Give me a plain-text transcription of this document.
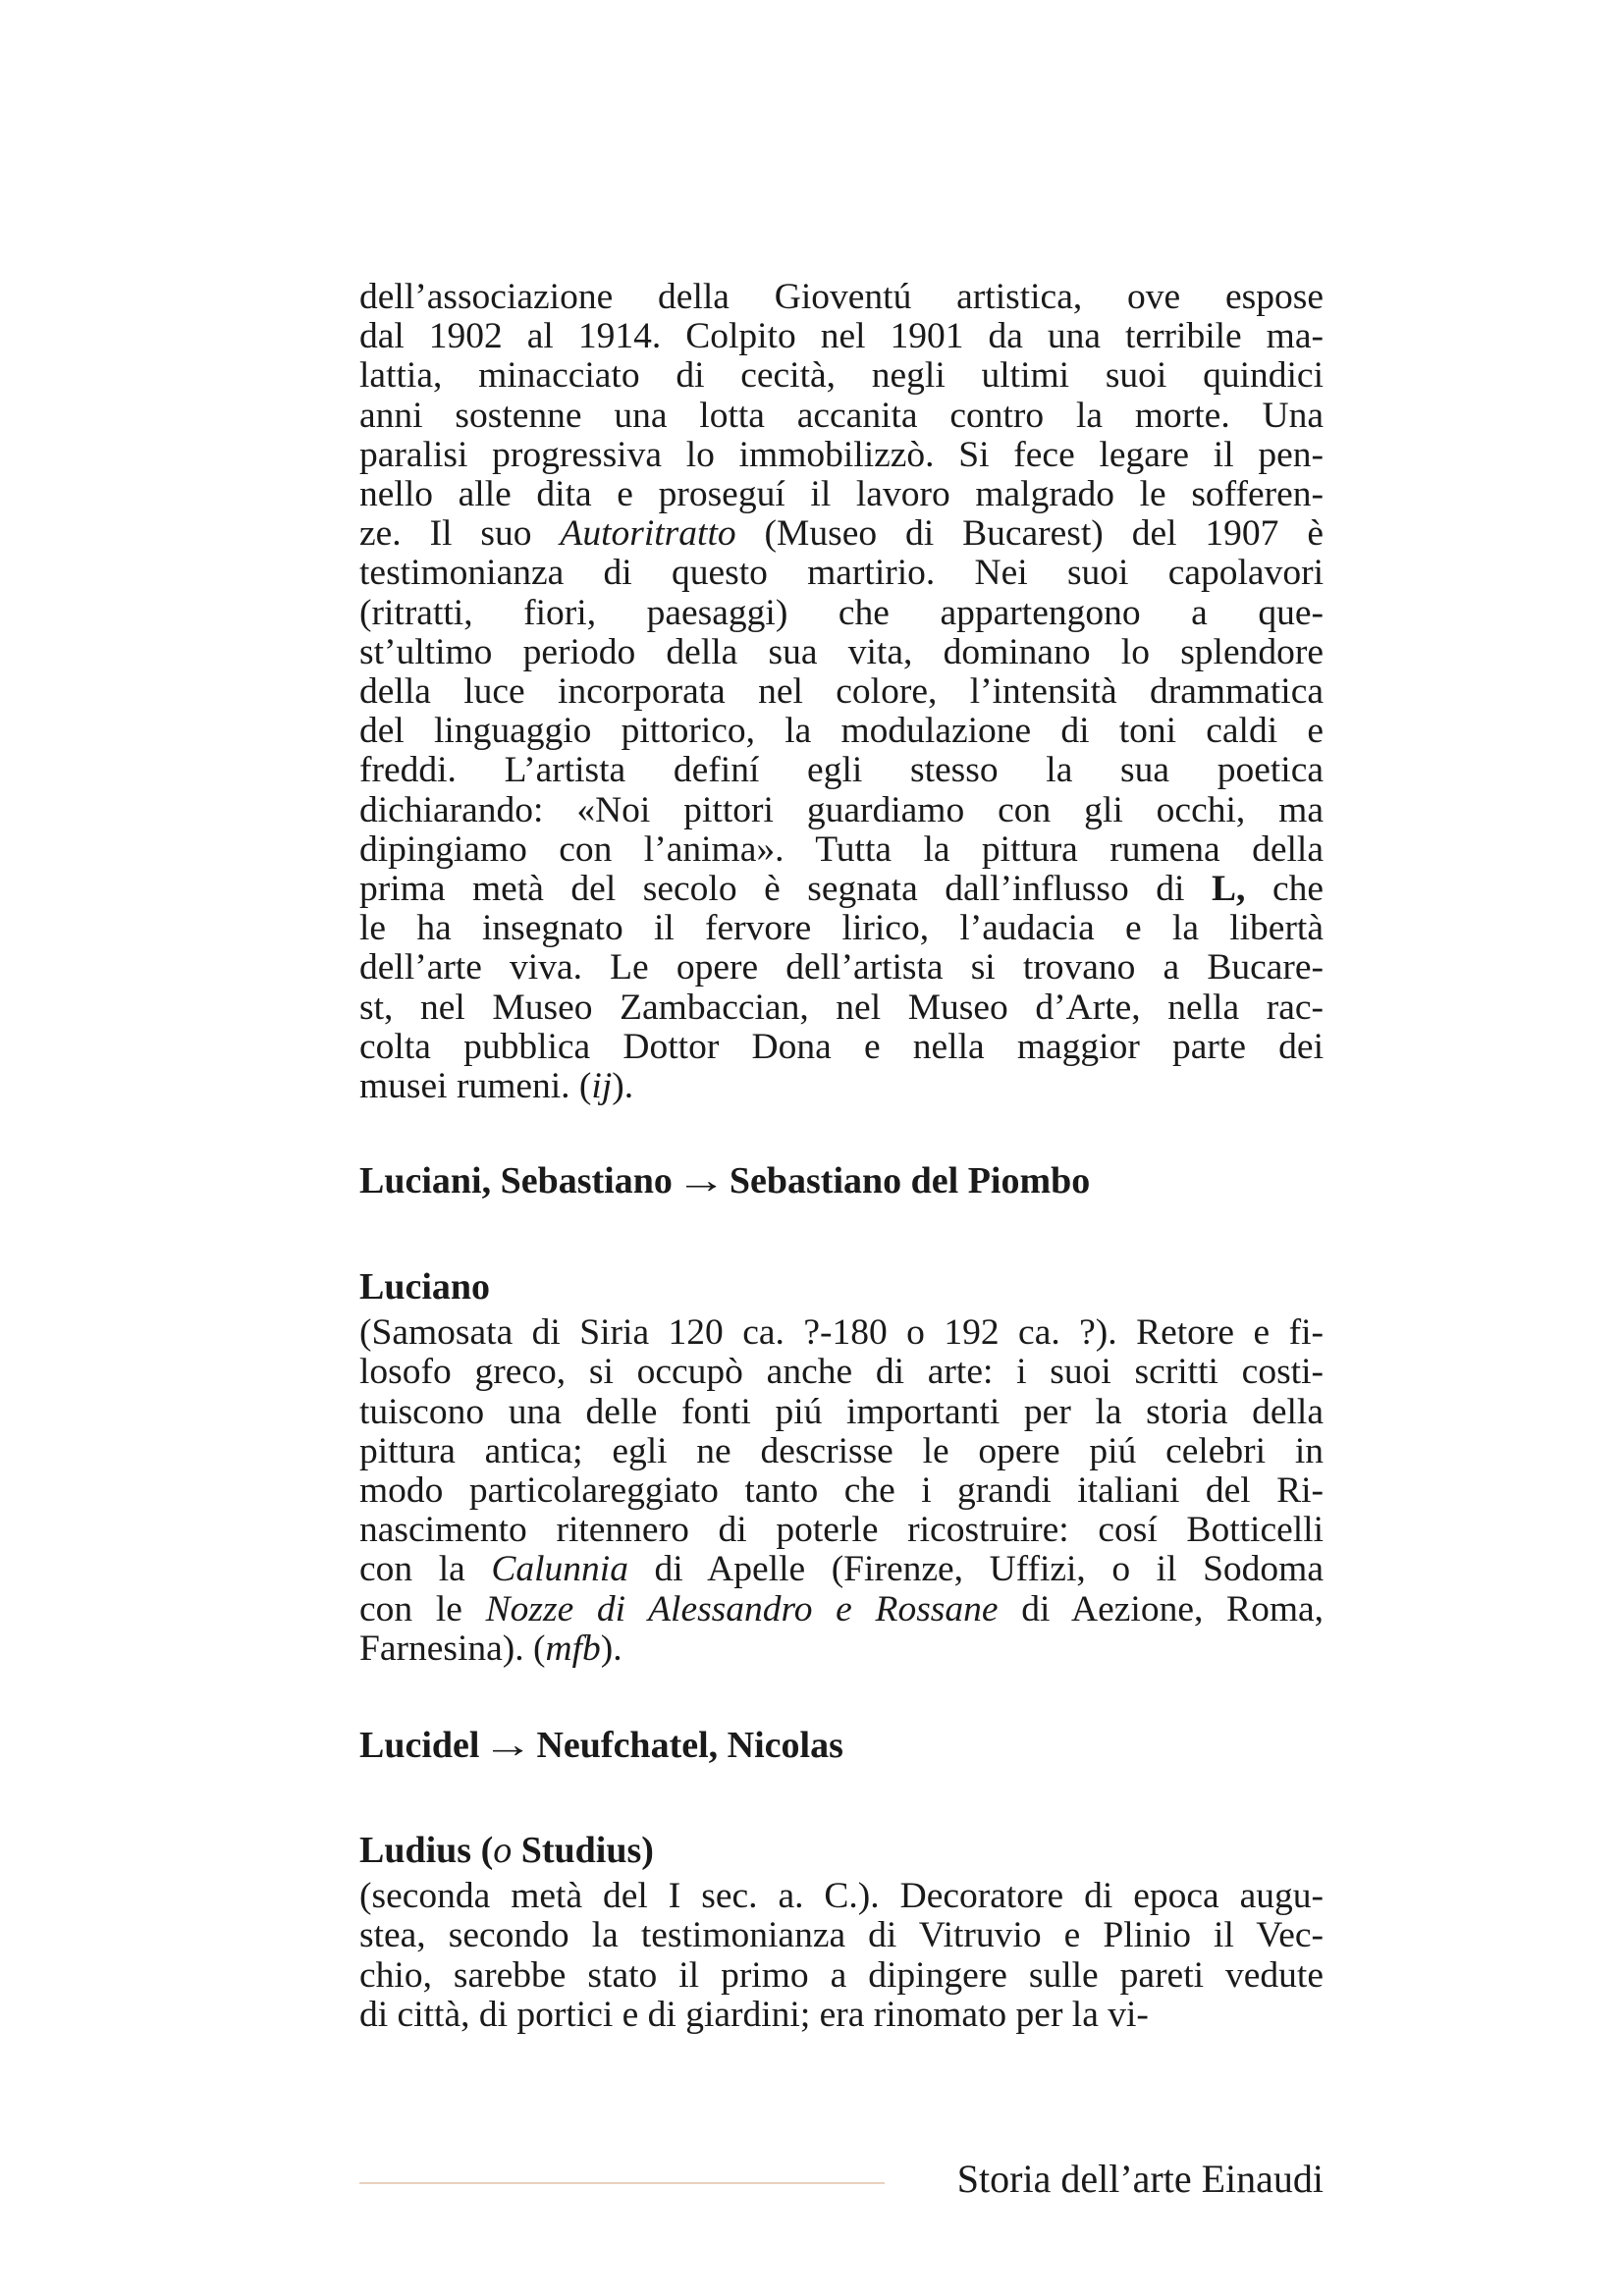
dell’associazione della Gioventú artistica, ove espose
dal 1902 al 1914. Colpito nel 1901 da una terribile ma-
lattia, minacciato di cecità, negli ultimi suoi quindici
anni sostenne una lotta accanita contro la morte. Una
paralisi progressiva lo immobilizzò. Si fece legare il pen-
nello alle dita e proseguí il lavoro malgrado le sofferen-
ze. Il suo Autoritratto (Museo di Bucarest) del 1907 è
testimonianza di questo martirio. Nei suoi capolavori
(ritratti, fiori, paesaggi) che appartengono a que-
st’ultimo periodo della sua vita, dominano lo splendore
della luce incorporata nel colore, l’intensità drammatica
del linguaggio pittorico, la modulazione di toni caldi e
freddi. L’artista definí egli stesso la sua poetica
dichiarando: «Noi pittori guardiamo con gli occhi, ma
dipingiamo con l’anima». Tutta la pittura rumena della
prima metà del secolo è segnata dall’influsso di L, che
le ha insegnato il fervore lirico, l’audacia e la libertà
dell’arte viva. Le opere dell’artista si trovano a Bucare-
st, nel Museo Zambaccian, nel Museo d’Arte, nella rac-
colta pubblica Dottor Dona e nella maggior parte dei
musei rumeni. (ij).

Luciani, Sebastiano→Sebastiano del Piombo
Luciano

(Samosata di Siria 120 ca. ?-180 o 192 ca. ?). Retore e fi-
losofo greco, si occupò anche di arte: i suoi scritti costi-
tuiscono una delle fonti piú importanti per la storia della
pittura antica; egli ne descrisse le opere piú celebri in
modo particolareggiato tanto che i grandi italiani del Ri-
nascimento ritennero di poterle ricostruire: cosí Botticelli
con la Calunnia di Apelle (Firenze, Uffizi, o il Sodoma
con le Nozze di Alessandro e Rossane di Aezione, Roma,
Farnesina). (mfb).

Lucidel→Neufchatel, Nicolas
Ludius (o Studius)

(seconda metà del I sec. a. C.). Decoratore di epoca augu-
stea, secondo la testimonianza di Vitruvio e Plinio il Vec-
chio, sarebbe stato il primo a dipingere sulle pareti vedute
di città, di portici e di giardini; era rinomato per la vi-

Storia dell’arte Einaudi
